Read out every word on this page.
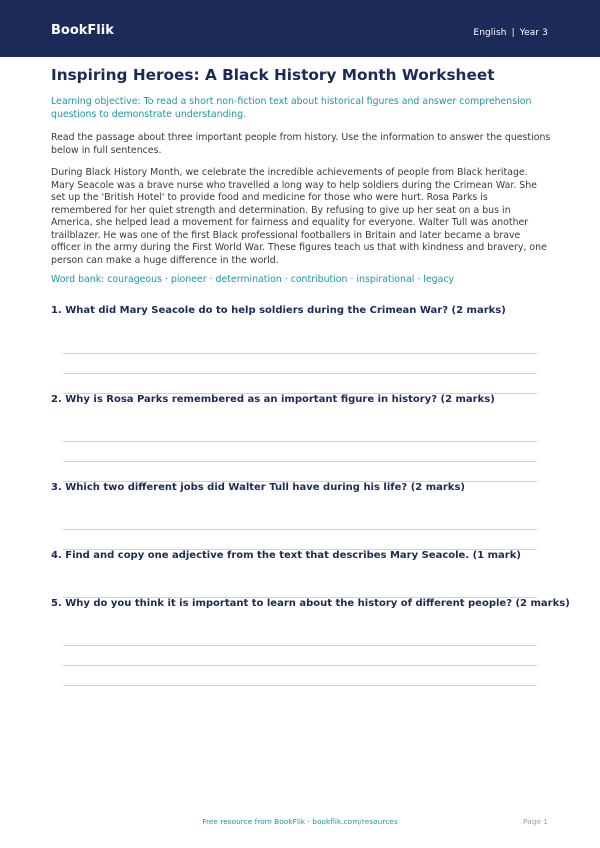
BookFlik	English | Year 3
Inspiring Heroes: A Black History Month Worksheet
Learning objective: To read a short non-fiction text about historical figures and answer comprehension questions to demonstrate understanding.
Read the passage about three important people from history. Use the information to answer the questions below in full sentences.
During Black History Month, we celebrate the incredible achievements of people from Black heritage. Mary Seacole was a brave nurse who travelled a long way to help soldiers during the Crimean War. She set up the 'British Hotel' to provide food and medicine for those who were hurt. Rosa Parks is remembered for her quiet strength and determination. By refusing to give up her seat on a bus in America, she helped lead a movement for fairness and equality for everyone. Walter Tull was another trailblazer. He was one of the first Black professional footballers in Britain and later became a brave officer in the army during the First World War. These figures teach us that with kindness and bravery, one person can make a huge difference in the world.
Word bank: courageous · pioneer · determination · contribution · inspirational · legacy
1. What did Mary Seacole do to help soldiers during the Crimean War? (2 marks)
2. Why is Rosa Parks remembered as an important figure in history? (2 marks)
3. Which two different jobs did Walter Tull have during his life? (2 marks)
4. Find and copy one adjective from the text that describes Mary Seacole. (1 mark)
5. Why do you think it is important to learn about the history of different people? (2 marks)
Free resource from BookFlik · bookflik.com/resources	Page 1
